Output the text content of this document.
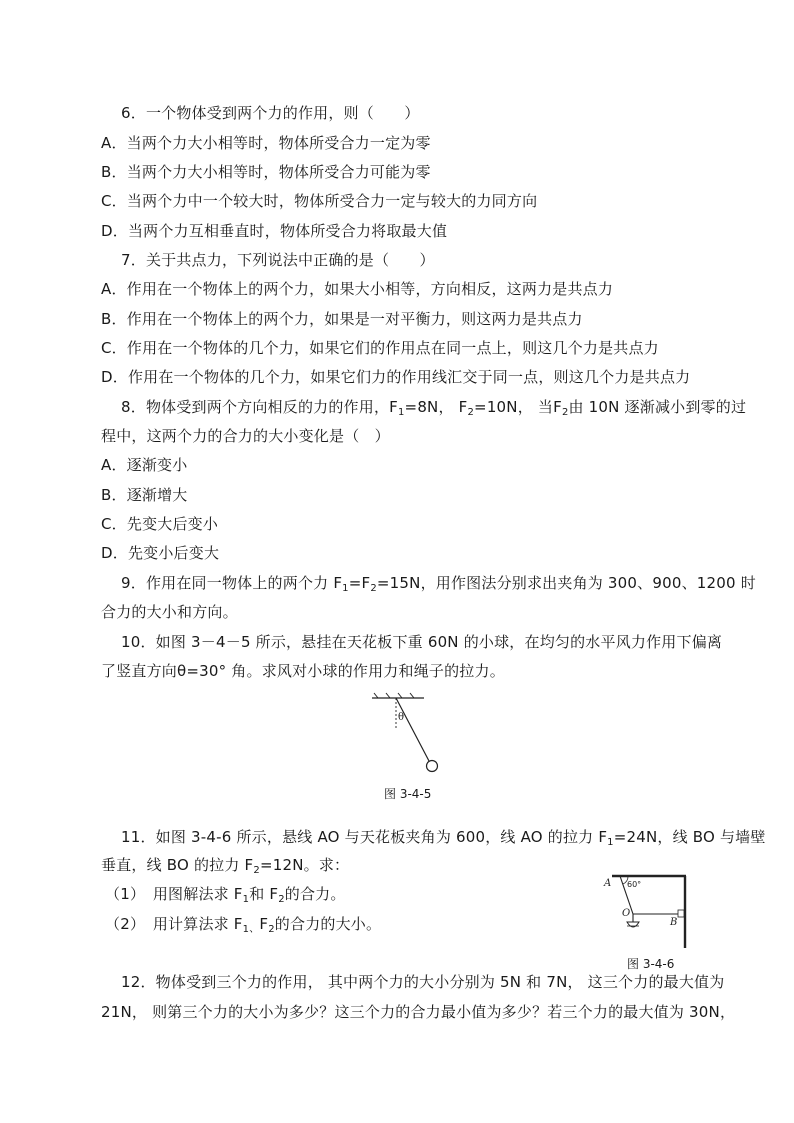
6．一个物体受到两个力的作用，则（　　）
A．当两个力大小相等时，物体所受合力一定为零
B．当两个力大小相等时，物体所受合力可能为零
C．当两个力中一个较大时，物体所受合力一定与较大的力同方向
D．当两个力互相垂直时，物体所受合力将取最大值
7．关于共点力，下列说法中正确的是（　　）
A．作用在一个物体上的两个力，如果大小相等，方向相反，这两力是共点力
B．作用在一个物体上的两个力，如果是一对平衡力，则这两力是共点力
C．作用在一个物体的几个力，如果它们的作用点在同一点上，则这几个力是共点力
D．作用在一个物体的几个力，如果它们力的作用线汇交于同一点，则这几个力是共点力
8．物体受到两个方向相反的力的作用，$F_1=8N$， $F_2=10N$， 当$F_2$由 10N 逐渐减小到零的过
程中，这两个力的合力的大小变化是（　）
A．逐渐变小
B．逐渐增大
C．先变大后变小
D．先变小后变大
9．作用在同一物体上的两个力 $F_1=F_2=15N$，用作图法分别求出夹角为 300、900、1200 时
合力的大小和方向。
10．如图 3－4－5 所示，悬挂在天花板下重 60N 的小球，在均匀的水平风力作用下偏离
了竖直方向θ=30° 角。求风对小球的作用力和绳子的拉力。
θ
图 3-4-5
11．如图 3-4-6 所示，悬线 AO 与天花板夹角为 600，线 AO 的拉力 $F_1=24N$，线 BO 与墙壁
垂直，线 BO 的拉力 $F_2=12N$。求：
（1）　用图解法求 $F_1$和 $F_2$的合力。
（2）　用计算法求 $F_{1、}F_2$的合力的大小。
A 60°
O
B
图 3-4-6
12．物体受到三个力的作用， 其中两个力的大小分别为 5N 和 7N， 这三个力的最大值为
21N， 则第三个力的大小为多少？这三个力的合力最小值为多少？若三个力的最大值为 30N，
